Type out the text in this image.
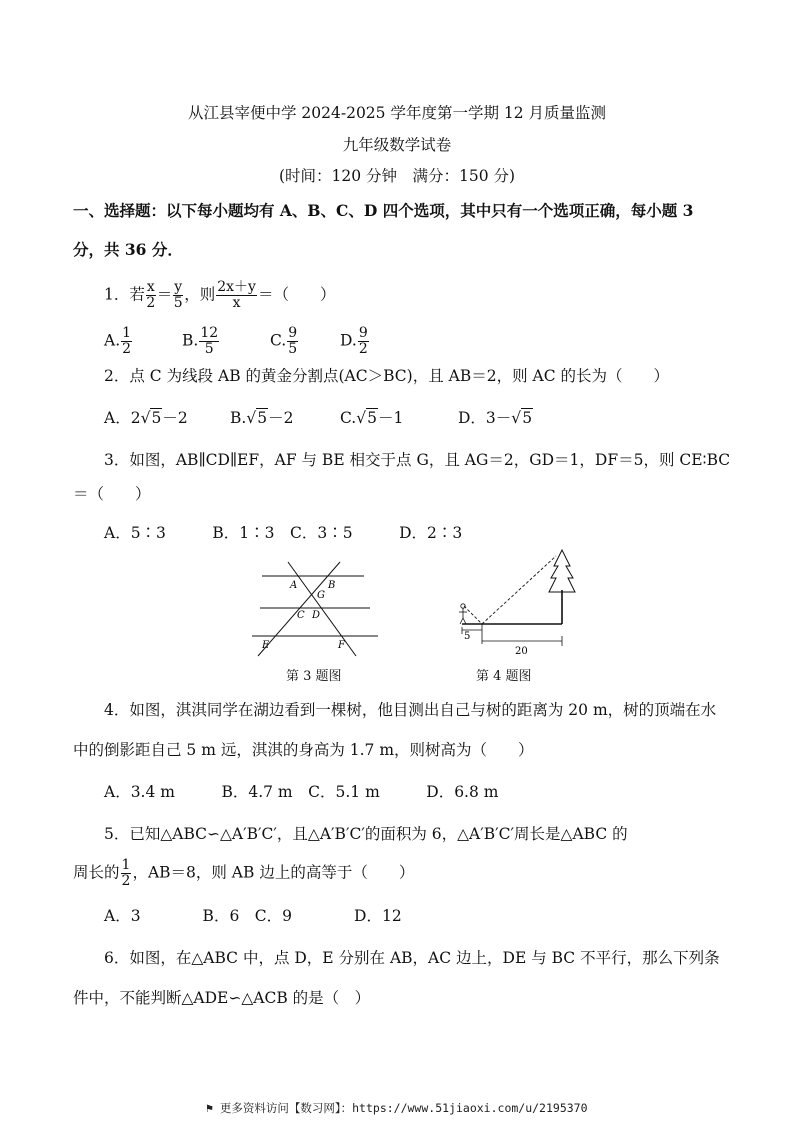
从江县宰便中学 2024-2025 学年度第一学期 12 月质量监测
九年级数学试卷
(时间：120 分钟　满分：150 分)
一、选择题：以下每小题均有 A、B、C、D 四个选项，其中只有一个选项正确，每小题 3
分，共 36 分．
1．若 $\frac{x}{2} = \frac{y}{5}$ ，则 $\frac{2x+y}{x}$ ＝（　　）
A. $\frac{1}{2}$	B. $\frac{12}{5}$	C. $\frac{9}{5}$	D. $\frac{9}{2}$
2．点 C 为线段 AB 的黄金分割点(AC＞BC)，且 AB＝2，则 AC 的长为（　　）
A．2√5－2	B.√5－2	C.√5－1	D．3－√5
3．如图，AB∥CD∥EF，AF 与 BE 相交于点 G，且 AG＝2，GD＝1，DF＝5，则 CE∶BC
＝（　　）
A．5∶3　　　B．1∶3　C．3∶5　　　D．2∶3
A	B
G
C D
E	F
第 3 题图
5
20
第 4 题图
4．如图，淇淇同学在湖边看到一棵树，他目测出自己与树的距离为 20 m，树的顶端在水
中的倒影距自己 5 m 远，淇淇的身高为 1.7 m，则树高为（　　）
A．3.4 m　　　B．4.7 m　C．5.1 m　　　D．6.8 m
5．已知△ABC∽△A′B′C′，且△A′B′C′的面积为 6，△A′B′C′周长是△ABC 的
周长的 $\frac{1}{2}$ ，AB＝8，则 AB 边上的高等于（　　）
A．3　　　　B．6　C．9　　　　D．12
6．如图，在△ABC 中，点 D，E 分别在 AB，AC 边上，DE 与 BC 不平行，那么下列条
件中，不能判断△ADE∽△ACB 的是（　）
⚑ 更多资料访问【数习网】：https://www.51jiaoxi.com/u/2195370
